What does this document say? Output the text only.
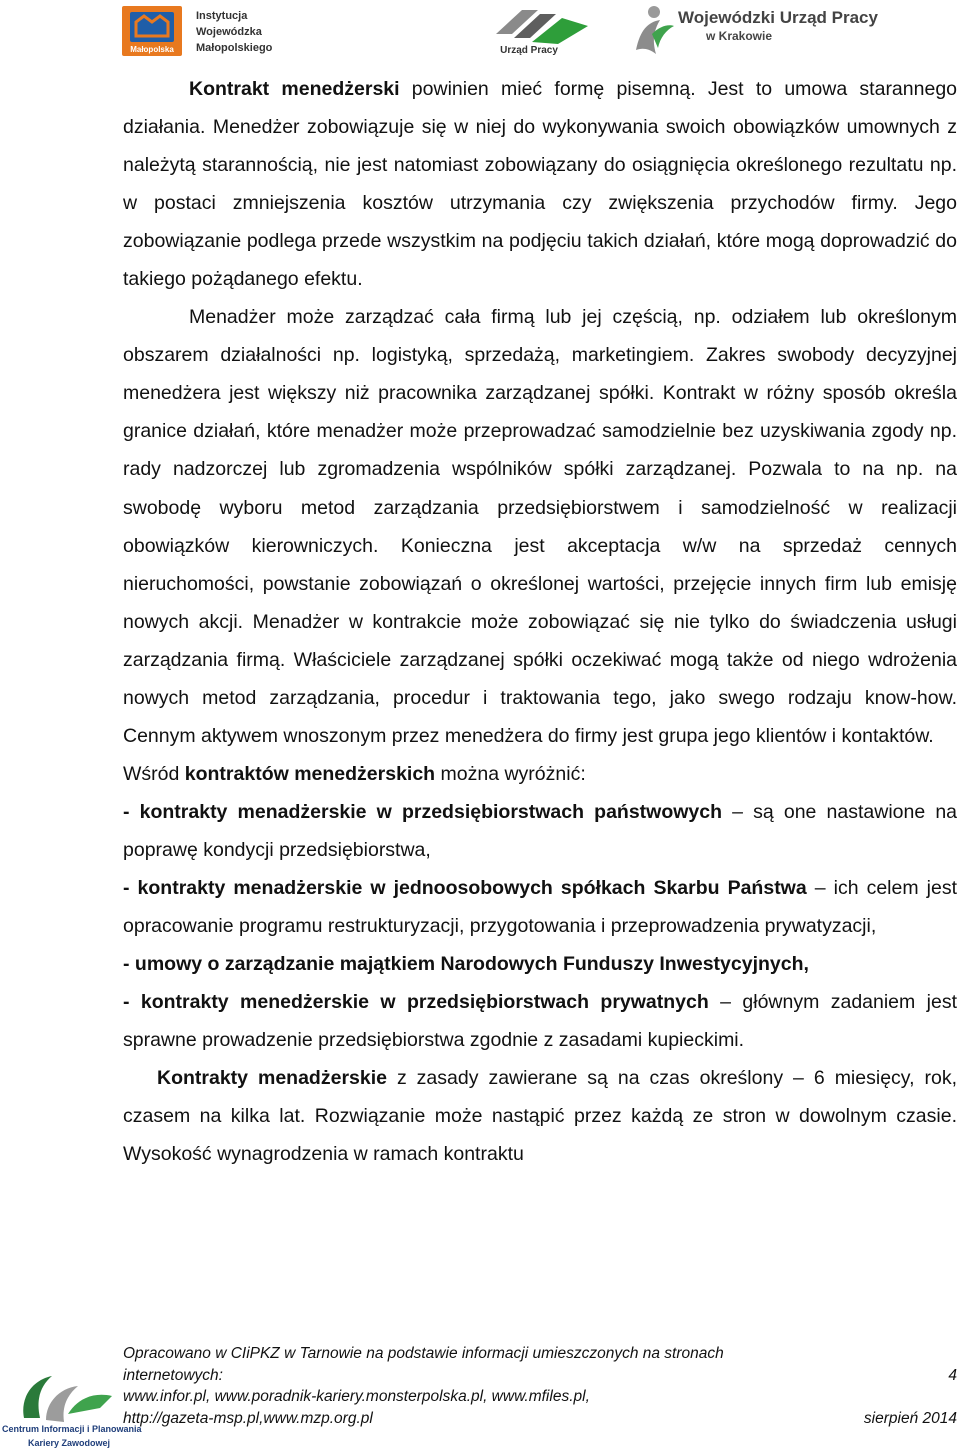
Małopolska
Instytucja
Wojewódzka
Małopolskiego	Urząd Pracy
Wojewódzki Urząd Pracy
w Krakowie

Kontrakt menedżerski powinien mieć formę pisemną. Jest to umowa starannego działania. Menedżer zobowiązuje się w niej do wykonywania swoich obowiązków umownych z należytą starannością, nie jest natomiast zobowiązany do osiągnięcia określonego rezultatu np. w postaci zmniejszenia kosztów utrzymania czy zwiększenia przychodów firmy. Jego zobowiązanie podlega przede wszystkim na podjęciu takich działań, które mogą doprowadzić do takiego pożądanego efektu.

Menadżer może zarządzać cała firmą lub jej częścią, np. odziałem lub określonym obszarem działalności np. logistyką, sprzedażą, marketingiem. Zakres swobody decyzyjnej menedżera jest większy niż pracownika zarządzanej spółki. Kontrakt w różny sposób określa granice działań, które menadżer może przeprowadzać samodzielnie bez uzyskiwania zgody np. rady nadzorczej lub zgromadzenia wspólników spółki zarządzanej. Pozwala to na np. na swobodę wyboru metod zarządzania przedsiębiorstwem i samodzielność w realizacji obowiązków kierowniczych. Konieczna jest akceptacja w/w na sprzedaż cennych nieruchomości, powstanie zobowiązań o określonej wartości, przejęcie innych firm lub emisję nowych akcji. Menadżer w kontrakcie może zobowiązać się nie tylko do świadczenia usługi zarządzania firmą. Właściciele zarządzanej spółki oczekiwać mogą także od niego wdrożenia nowych metod zarządzania, procedur i traktowania tego, jako swego rodzaju know-how. Cennym aktywem wnoszonym przez menedżera do firmy jest grupa jego klientów i kontaktów.

Wśród kontraktów menedżerskich można wyróżnić:

- kontrakty menadżerskie w przedsiębiorstwach państwowych – są one nastawione na poprawę kondycji przedsiębiorstwa,

- kontrakty menadżerskie w jednoosobowych spółkach Skarbu Państwa – ich celem jest opracowanie programu restrukturyzacji, przygotowania i przeprowadzenia prywatyzacji,

- umowy o zarządzanie majątkiem Narodowych Funduszy Inwestycyjnych,

- kontrakty menedżerskie w przedsiębiorstwach prywatnych – głównym zadaniem jest sprawne prowadzenie przedsiębiorstwa zgodnie z zasadami kupieckimi.

Kontrakty menadżerskie z zasady zawierane są na czas określony – 6 miesięcy, rok, czasem na kilka lat. Rozwiązanie może nastąpić przez każdą ze stron w dowolnym czasie. Wysokość wynagrodzenia w ramach kontraktu

Opracowano w CIiPKZ w Tarnowie na podstawie informacji umieszczonych na stronach
internetowych:	4
www.infor.pl, www.poradnik-kariery.monsterpolska.pl, www.mfiles.pl,
http://gazeta-msp.pl,www.mzp.org.pl	sierpień 2014
Centrum Informacji i Planowania
Kariery Zawodowej
